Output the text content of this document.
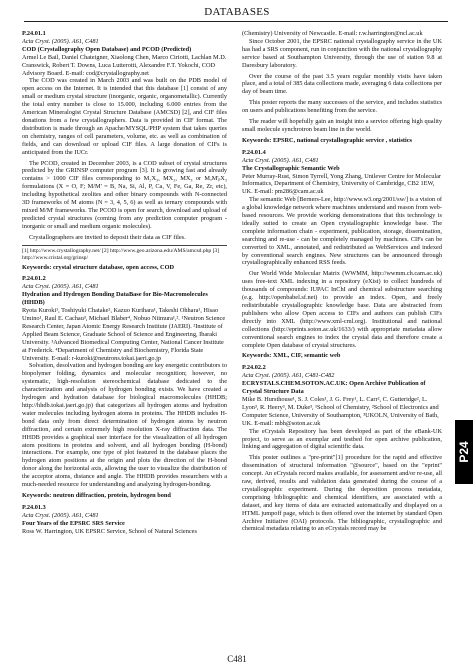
DATABASES
P.24.01.1
Acta Cryst. (2005). A61, C481
COD (Crystallography Open Database) and PCOD (Predicted)
Armel Le Bail, Daniel Chateigner, Xiaolong Chen, Marco Ciriotti, Lachlan M.D. Cranswick, Robert T. Downs, Luca Lutterotti, Alexandre F.T. Yokochi, COD Advisory Board. E-mail: cod@crystallography.net

The COD was created in March 2003 and was built on the PDB model of open access on the Internet. It is intended that this database [1] consist of any small or medium crystal structure (inorganic, organic, organometallic). Currently the total entry number is close to 15.000, including 6.000 entries from the American Mineralogist Crystal Structure Database (AMCSD) [2], and CIF files donations from a few crystallographers. Data is provided in CIF format. The distribution is made through an Apache/MYSQL/PHP system that takes queries on chemistry, ranges of cell parameters, volume, etc. as well as combination of fields, and can download or upload CIF files. A large donation of CIFs is anticipated from the IUCr.

The PCOD, created in December 2003, is a COD subset of crystal structures predicted by the GRINSP computer program [3]. It is growing fast and already contains > 1000 CIF files corresponding to M₂X₃, MX₂, MX₃ or MₐM'ᵦX₃ formulations (X = O, F; M/M' = B, Na, Si, Al, P, Ca, V, Fe, Ga, Re, Zr, etc), including hypothetical zeolites and other binary compounds with N-connected 3D frameworks of M atoms (N = 3, 4, 5, 6) as well as ternary compounds with mixed M/M' frameworks. The PCOD is open for search, download and upload of predicted crystal structures (coming from any prediction computer program - inorganic or small and medium organic molecules).

Crystallographers are invited to deposit their data as CIF files.

[1] http://www.crystallography.net/ [2] http://www.geo.arizona.edu/AMS/amcsd.php [3] http://www.cristal.org/grinsp/
Keywords: crystal structure database, open access, COD
P.24.01.2
Acta Cryst. (2005). A61, C481
Hydration and Hydrogen Bonding DataBase for Bio-Macromolecules (HHDB)
Ryota Kuroki¹, Toshiyuki Chatake², Kazuo Kurihara¹, Takeshi Ohhara¹, Hisao Umino¹, Raul E. Cachau³, Michael Blaber⁴, Nobuo Niimura¹,². ¹Neutron Science Research Center, Japan Atomic Energy Research Institute (JAERI). ²Institute of Applied Beam Science, Graduate School of Science and Engineering, Ibaraki University. ³Advanced Biomedical Computing Center, National Cancer Institute at Frederick. ⁴Department of Chemistry and Biochemistry, Florida State University. E-mail: r-kuroki@neutrons.tokai.jaeri.go.jp

Solvation, desolvation and hydrogen bonding are key energetic contributors to biopolymer folding, dynamics and molecular recognition; however, no systematic, high-resolution stereochemical database dedicated to the characterization and analysis of hydrogen bonding exists. We have created a hydrogen and hydration database for biological macromolecules (HHDB; http://hhdb.tokai.jaeri.go.jp) that categorizes all hydrogen atoms and hydration water molecules including hydrogen atoms in proteins. The HHDB includes H-bond data only from direct determination of hydrogen atoms by neutron diffraction, and certain extremely high resolution X-ray diffraction data. The HHDB provides a graphical user interface for the visualization of all hydrogen atom positions in proteins and solvent, and all hydrogen bonding (H-bond) interactions. For example, one type of plot featured in the database places the hydrogen atom positions at the origin and plots the direction of the H-bond donor along the horizontal axis, allowing the user to visualize the distribution of the acceptor atoms, distance and angle. The HHDB provides researchers with a much-needed resource for understanding and analyzing hydrogen-bonding.

Keywords: neutron diffraction, protein, hydrogen bond
P.24.01.3
Acta Cryst. (2005). A61, C481
Four Years of the EPSRC SRS Service
Ross W. Harrington, UK EPSRC Service, School of Natural Sciences
(Chemistry) University of Newcastle. E-mail: r.w.harrington@ncl.ac.uk

Since October 2001, the EPSRC national crystallography service in the UK has had a SRS component, run in conjunction with the national crystallography service based at Southampton University, through the use of station 9.8 at Daresbury laboratory.

Over the course of the past 3.5 years regular monthly visits have taken place, and a total of 385 data collections made, averaging 6 data collections per day of beam time.

This poster reports the many successes of the service, and includes statistics on users and publications benefiting from the service.

The reader will hopefully gain an insight into a service offering high quality small molecule synchrotron beam line in the world.

Keywords: EPSRC, national crystallographic service , statistics
P.24.01.4
Acta Cryst. (2005). A61, C481
The Crystallographic Semantic Web
Peter Murray-Rust, Simon Tyrrell, Yong Zhang, Unilever Centre for Molecular Informatics, Department of Chemistry, University of Cambridge, CB2 1EW, UK. E-mail: pm286@cam.ac.uk

The semantic Web [Berners-Lee, http://www.w3.org/2001/sw/] is a vision of a global knowledge network where machines understand and reason from web-based resources. We provide working demonstrations that this technology is ideally suited to create an Open crystallographic knowledge base. The complete information chain - experiment, publication, storage, dissemination, searching and re-use - can be completely managed by machines. CIFs can be converted to XML, annotated, and redistributed as WebServices and indexed by conventional search engines. New structures can be announced through crystallographically enhanced RSS feeds.

Our World Wide Molecular Matrix (WWMM, http://wwmm.ch.cam.ac.uk) uses free-text XML indexing in a repository (eXist) to collect hundreds of thousands of compounds: IUPAC InChI and chemical substructure searching (e.g. http://openbabel.sf.net) to provide an index. Open, and freely redistributable crystallographic knowledge base. Data are abstracted from publishers who allow Open access to CIFs and authors can publish CIFs directly into XML (http://www.xml-cml.org). Institutional and national collections (http://eprints.soton.ac.uk/1633/) with appropriate metadata allow conventional search engines to index the crystal data and therefore create a complete Open database of crystal structures.

Keywords: XML, CIF, semantic web
P.24.02.2
Acta Cryst. (2005). A61, C481-C482
ECRYSTALS.CHEM.SOTON.AC.UK: Open Archive Publication of Crystal Structure Data
Mike B. Hursthouse¹, S. J. Coles¹, J. G. Frey¹, L. Carr², C. Gutteridge², L. Lyon³, R. Heery³, M. Duke³, ¹School of Chemistry, ²School of Electronics and Computer Science, University of Southampton, ³UKOLN, University of Bath, UK. E-mail: mbh@soton.ac.uk

The eCrystals Repository has been developed as part of the eBank-UK project, to serve as an exemplar and testbed for open archive publication, linking and aggregation of digital scientific data.

This poster outlines a "pre-print"[1] procedure for the rapid and effective dissemination of structural information "@source", based on the "eprint" concept. An eCrystals record makes available, for assessment and/or re-use, all raw, derived, results and validation data generated during the course of a crystallographic experiment. During the deposition process metadata, comprising bibliographic and chemical identifiers, are associated with a dataset, and key items of data are extracted automatically and displayed on a HTML jumpoff page, which is then offered over the internet by standard Open Archive Initiative (OAI) protocols. The bibliographic, crystallographic and chemical metadata relating to an eCrystals record may be

P24
C481
